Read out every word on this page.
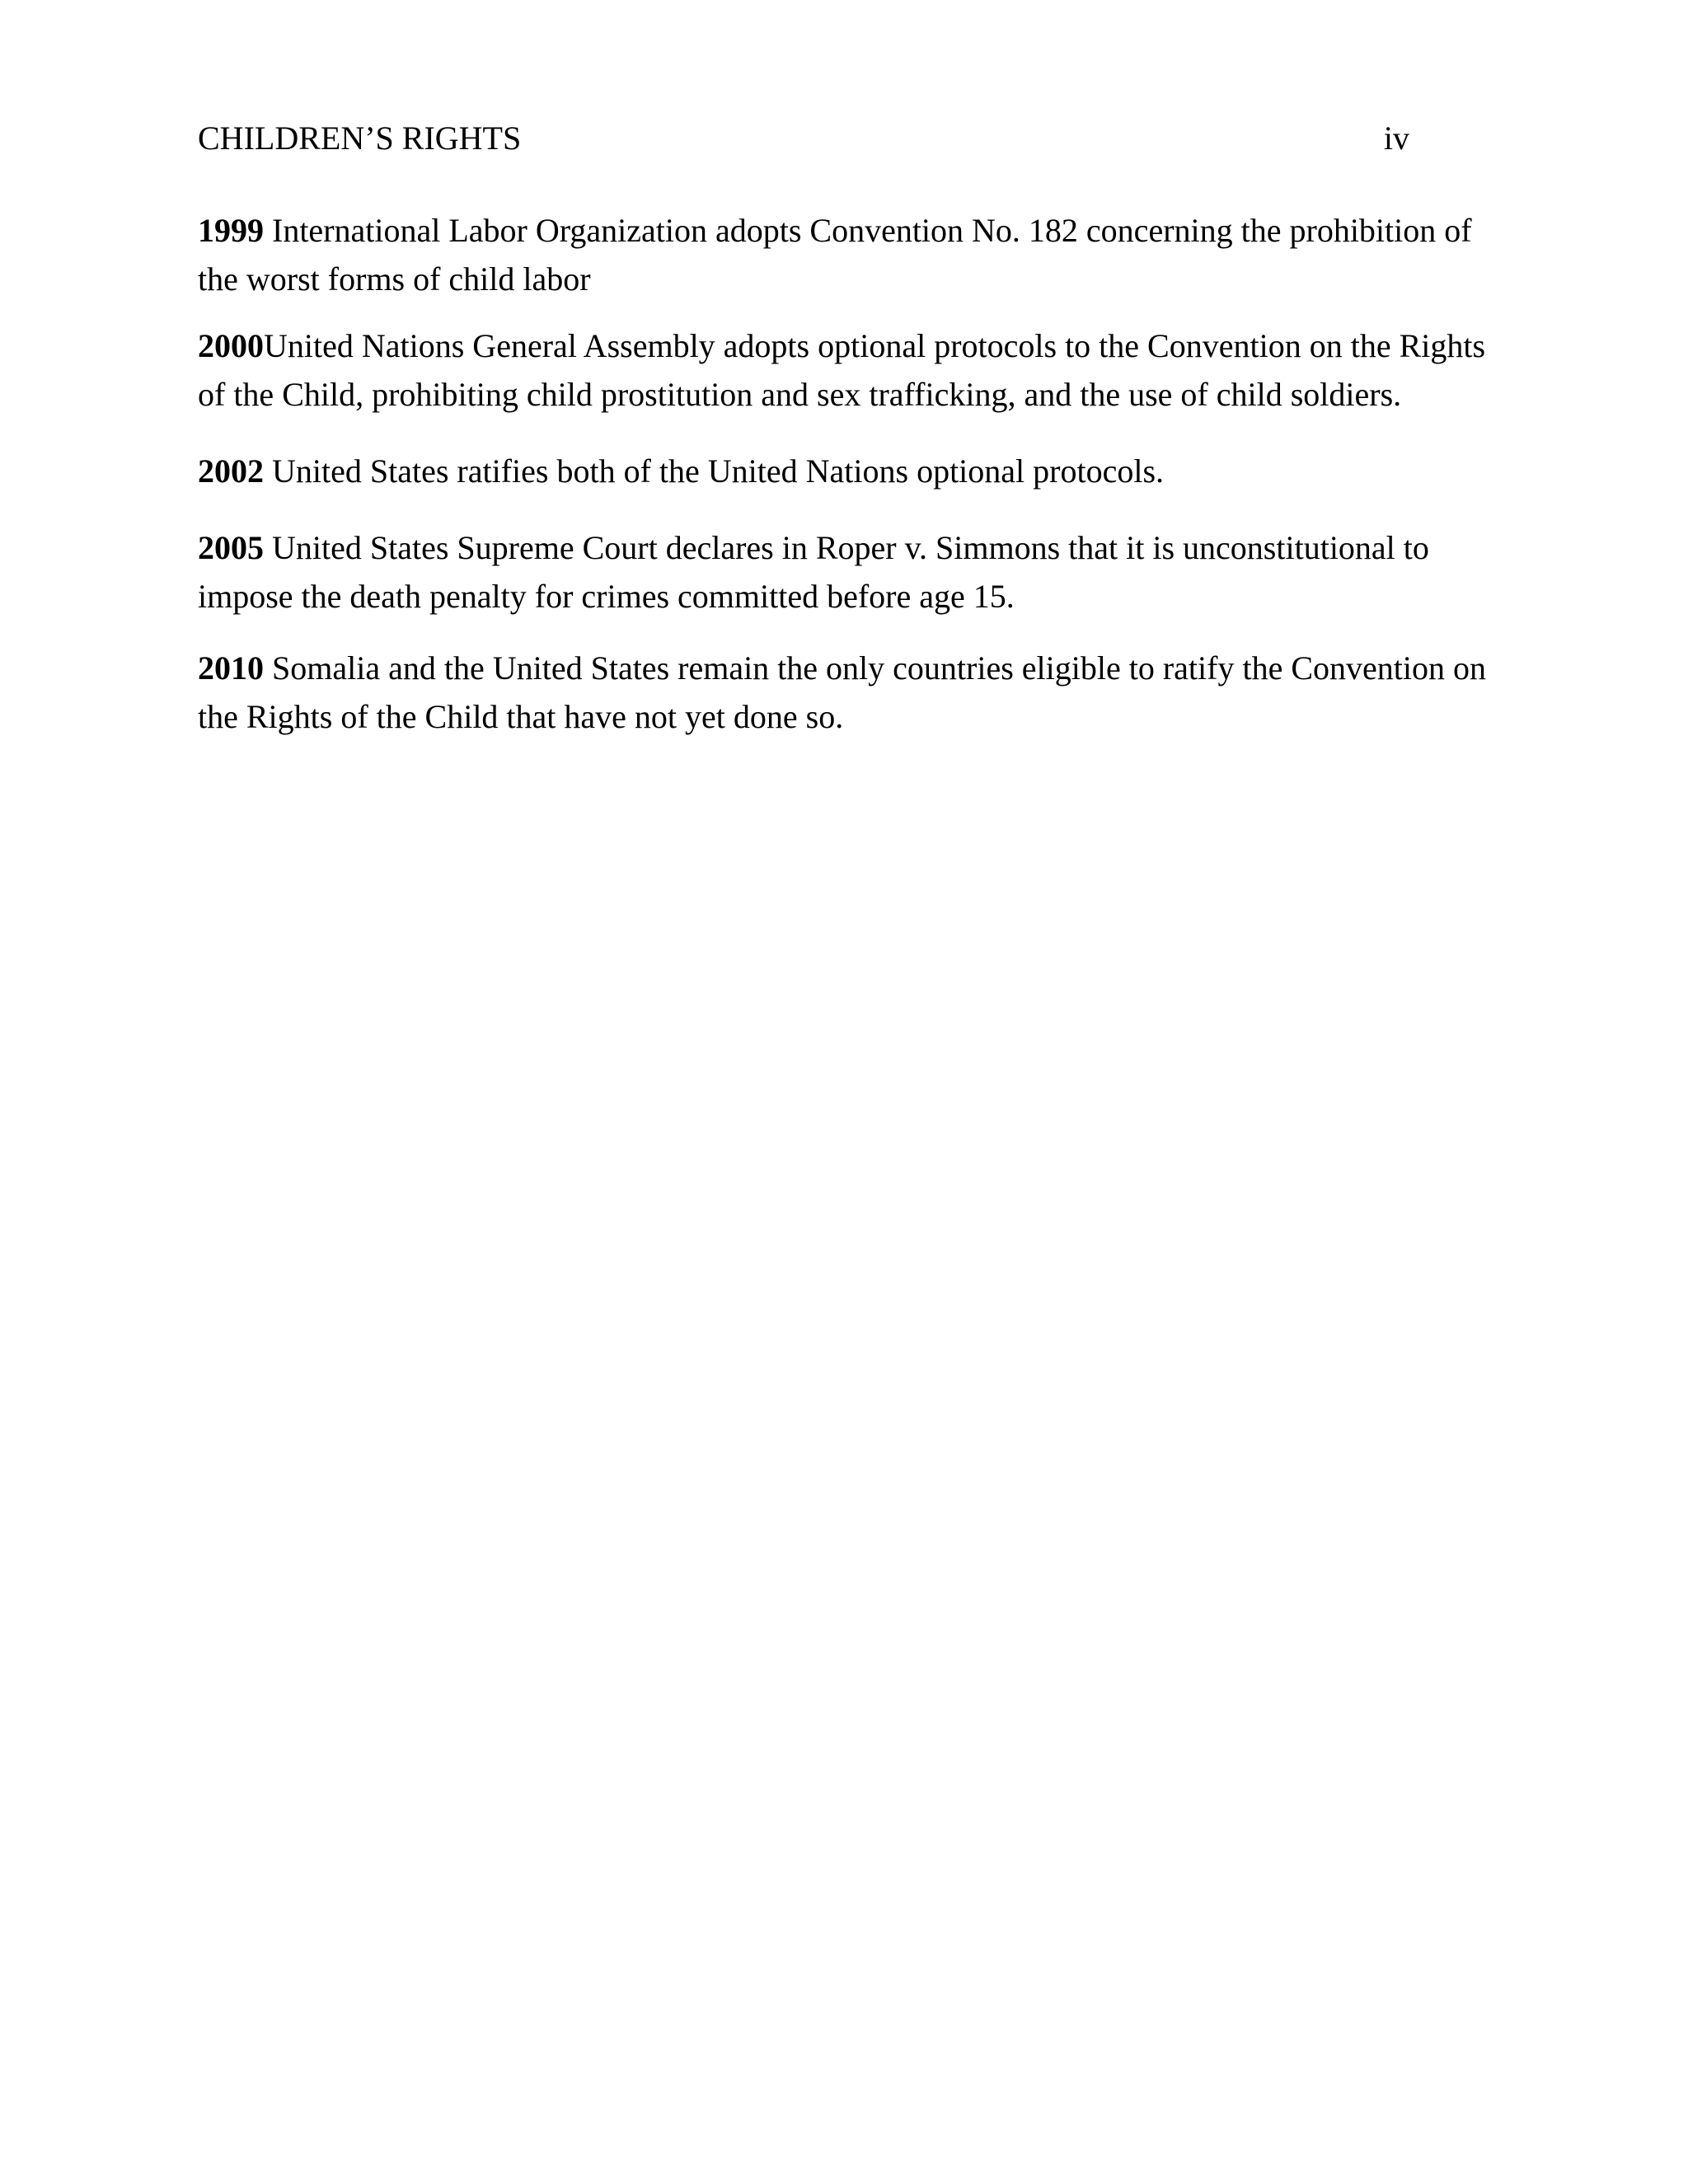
CHILDREN’S RIGHTS	iv

1999 International Labor Organization adopts Convention No. 182 concerning the prohibition of the worst forms of child labor

2000United Nations General Assembly adopts optional protocols to the Convention on the Rights of the Child, prohibiting child prostitution and sex trafficking, and the use of child soldiers.

2002 United States ratifies both of the United Nations optional protocols.

2005 United States Supreme Court declares in Roper v. Simmons that it is unconstitutional to impose the death penalty for crimes committed before age 15.

2010 Somalia and the United States remain the only countries eligible to ratify the Convention on the Rights of the Child that have not yet done so.
